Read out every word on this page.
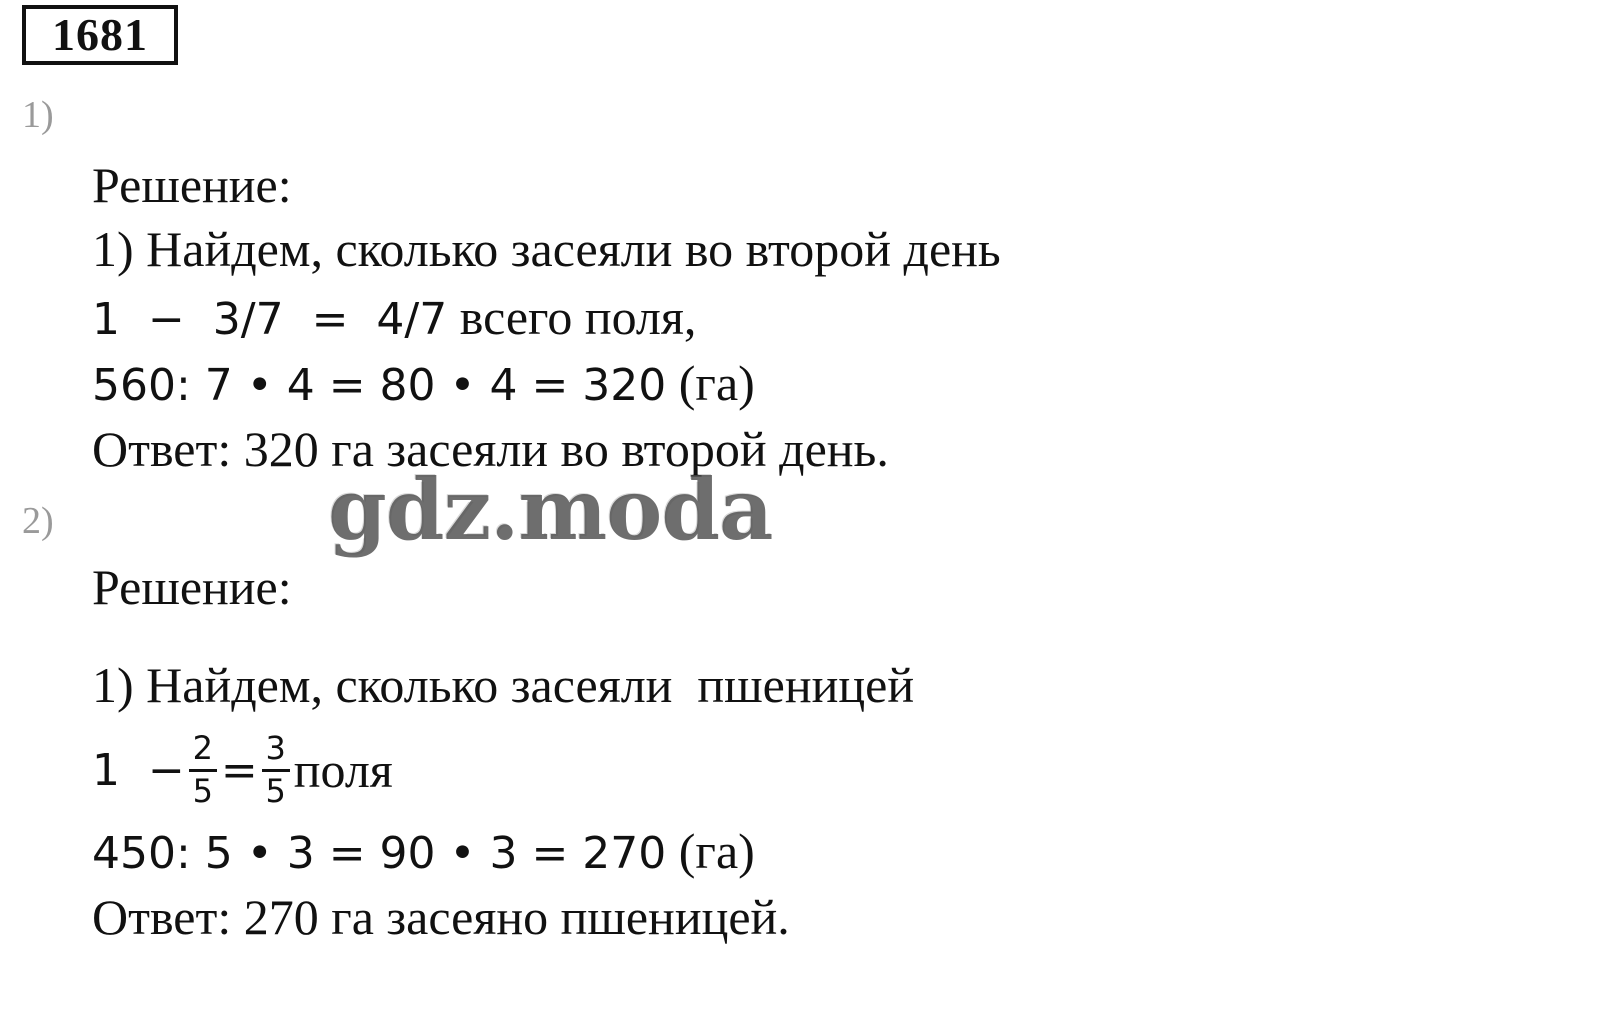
1681
1)
Решение:
1) Найдем, сколько засеяли во второй день
1  −  3/7  =  4/7 всего поля,
560: 7 • 4 = 80 • 4 = 320 (га)
Ответ: 320 га засеяли во второй день.
2)
Решение:
1) Найдем, сколько засеяли  пшеницей
$1 - \frac{2}{5} = \frac{3}{5}$ поля
450: 5 • 3 = 90 • 3 = 270 (га)
Ответ: 270 га засеяно пшеницей.
gdz.moda
